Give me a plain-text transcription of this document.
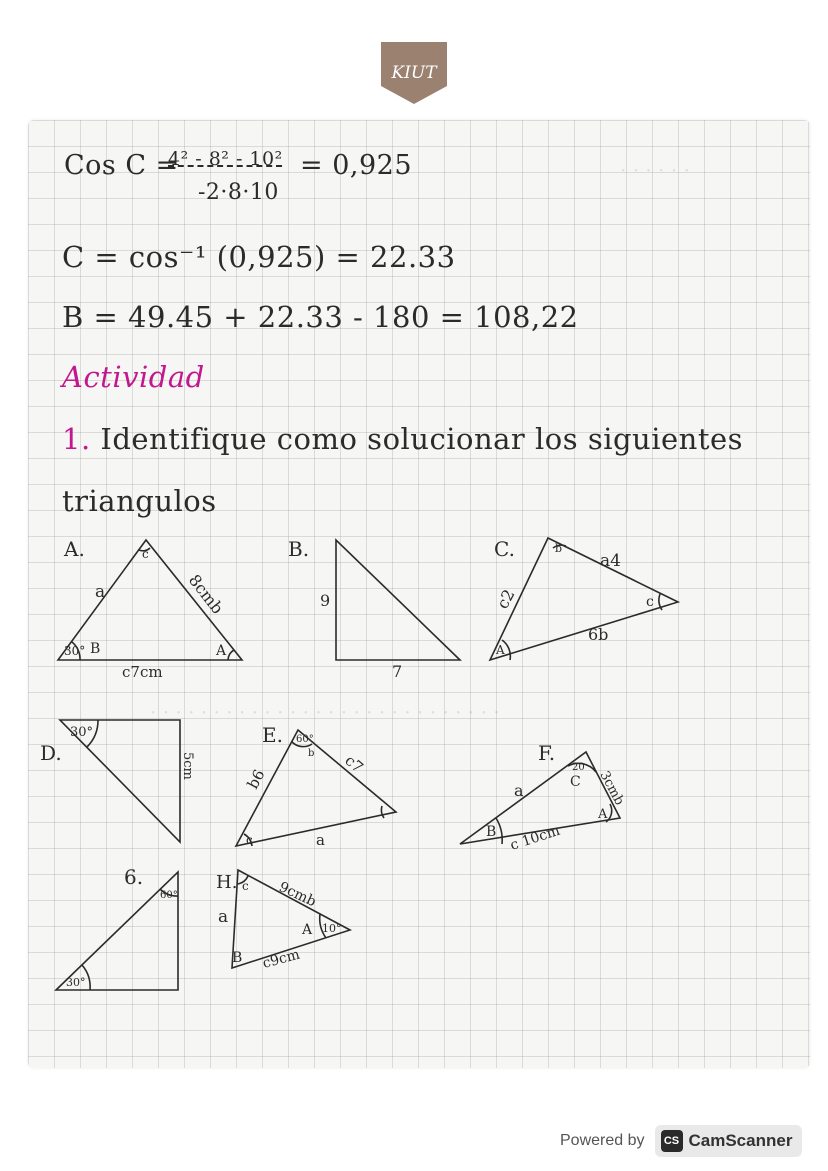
· · · · · ·
· · · · · · · · · · · · · · · · · · · · · · · · · · · ·
KIUT
Cos C =
4² - 8² - 10²
-2·8·10
= 0,925
C = cos⁻¹ (0,925) = 22.33
B = 49.45 + 22.33 - 180 = 108,22
Actividad
1. Identifique como solucionar los siguientes
triangulos
A.
a	8cmb
c7cm
30° B	A
c	B.
9
7
C.	a4
c2
6b
b
c
A
D.
30°
5cm
E. 60°
b6
c7
a
b
c
F.
a	3cmb
c 10cm
20
C
A
B
6.
60°
30°
H.
a
9cmb
c9cm
10°
c
A
B
Powered by	CS CamScanner
